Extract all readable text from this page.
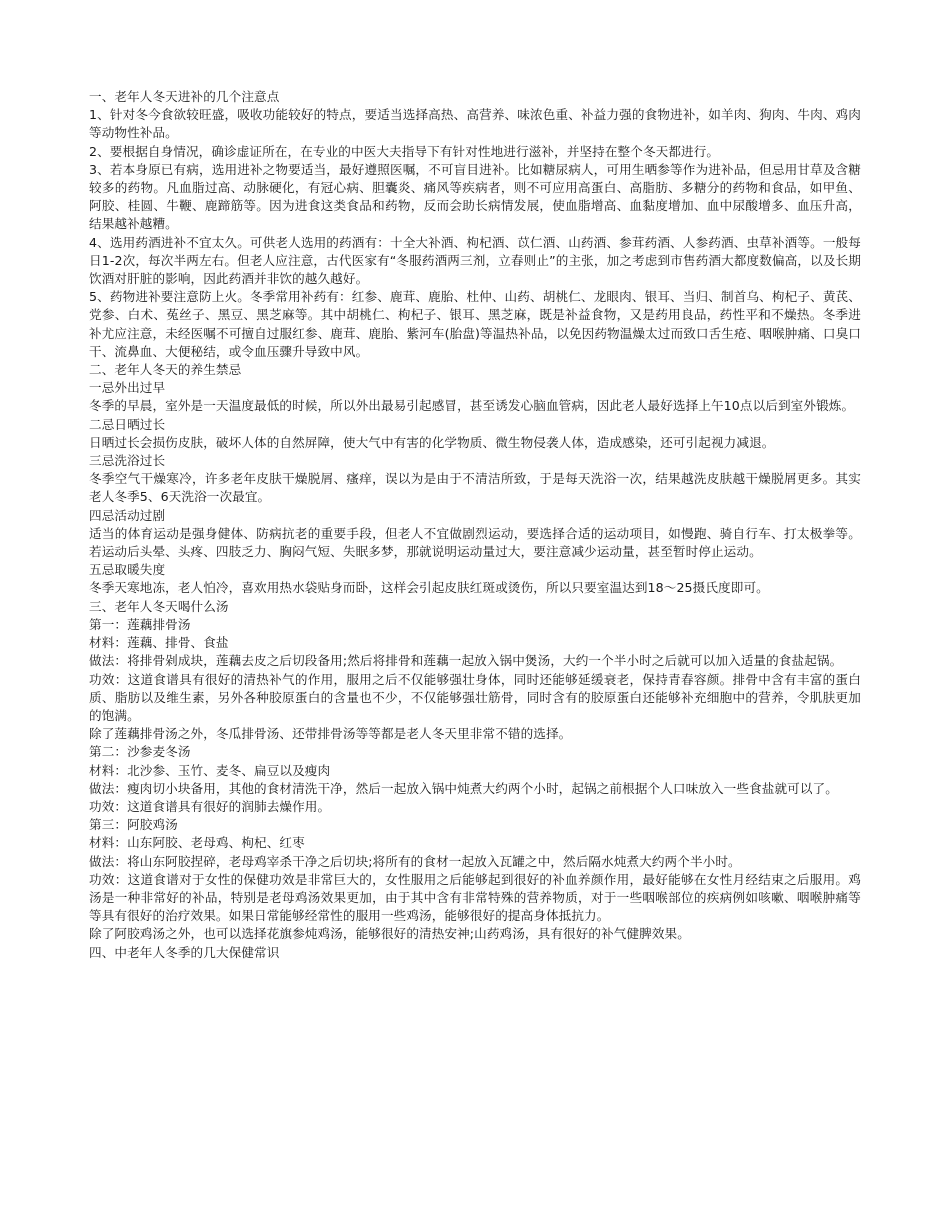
一、老年人冬天进补的几个注意点

1、针对冬今食欲较旺盛，吸收功能较好的特点，要适当选择高热、高营养、味浓色重、补益力强的食物进补，如羊肉、狗肉、牛肉、鸡肉等动物性补品。

2、要根据自身情况，确诊虚证所在，在专业的中医大夫指导下有针对性地进行滋补，并坚持在整个冬天都进行。

3、若本身原已有病，选用进补之物要适当，最好遵照医嘱，不可盲目进补。比如糖尿病人，可用生晒参等作为进补品，但忌用甘草及含糖较多的药物。凡血脂过高、动脉硬化，有冠心病、胆囊炎、痛风等疾病者，则不可应用高蛋白、高脂肪、多糖分的药物和食品，如甲鱼、阿胶、桂圆、牛鞭、鹿蹄筋等。因为进食这类食品和药物，反而会助长病情发展，使血脂增高、血黏度增加、血中尿酸增多、血压升高，结果越补越糟。

4、选用药酒进补不宜太久。可供老人选用的药酒有：十全大补酒、枸杞酒、苡仁酒、山药酒、参茸药酒、人参药酒、虫草补酒等。一般每日1-2次，每次半两左右。但老人应注意，古代医家有“冬服药酒两三剂，立春则止”的主张，加之考虑到市售药酒大都度数偏高，以及长期饮酒对肝脏的影响，因此药酒并非饮的越久越好。

5、药物进补要注意防上火。冬季常用补药有：红参、鹿茸、鹿胎、杜仲、山药、胡桃仁、龙眼肉、银耳、当归、制首乌、枸杞子、黄芪、党参、白术、菟丝子、黑豆、黑芝麻等。其中胡桃仁、枸杞子、银耳、黑芝麻，既是补益食物，又是药用良品，药性平和不燥热。冬季进补尤应注意，未经医嘱不可擅自过服红参、鹿茸、鹿胎、紫河车(胎盘)等温热补品，以免因药物温燥太过而致口舌生疮、咽喉肿痛、口臭口干、流鼻血、大便秘结，或令血压骤升导致中风。

二、老年人冬天的养生禁忌

一忌外出过早

冬季的早晨，室外是一天温度最低的时候，所以外出最易引起感冒，甚至诱发心脑血管病，因此老人最好选择上午10点以后到室外锻炼。

二忌日晒过长

日晒过长会损伤皮肤，破坏人体的自然屏障，使大气中有害的化学物质、微生物侵袭人体，造成感染，还可引起视力减退。

三忌洗浴过长

冬季空气干燥寒冷，许多老年皮肤干燥脱屑、瘙痒，误以为是由于不清洁所致，于是每天洗浴一次，结果越洗皮肤越干燥脱屑更多。其实老人冬季5、6天洗浴一次最宜。

四忌活动过剧

适当的体育运动是强身健体、防病抗老的重要手段，但老人不宜做剧烈运动，要选择合适的运动项目，如慢跑、骑自行车、打太极拳等。若运动后头晕、头疼、四肢乏力、胸闷气短、失眠多梦，那就说明运动量过大，要注意减少运动量，甚至暂时停止运动。

五忌取暖失度

冬季天寒地冻，老人怕冷，喜欢用热水袋贴身而卧，这样会引起皮肤红斑或烫伤，所以只要室温达到18～25摄氏度即可。

三、老年人冬天喝什么汤

第一：莲藕排骨汤

材料：莲藕、排骨、食盐

做法：将排骨剁成块，莲藕去皮之后切段备用;然后将排骨和莲藕一起放入锅中煲汤，大约一个半小时之后就可以加入适量的食盐起锅。

功效：这道食谱具有很好的清热补气的作用，服用之后不仅能够强壮身体，同时还能够延缓衰老，保持青春容颜。排骨中含有丰富的蛋白质、脂肪以及维生素，另外各种胶原蛋白的含量也不少，不仅能够强壮筋骨，同时含有的胶原蛋白还能够补充细胞中的营养，令肌肤更加的饱满。

除了莲藕排骨汤之外，冬瓜排骨汤、还带排骨汤等等都是老人冬天里非常不错的选择。

第二：沙参麦冬汤

材料：北沙参、玉竹、麦冬、扁豆以及瘦肉

做法：瘦肉切小块备用，其他的食材清洗干净，然后一起放入锅中炖煮大约两个小时，起锅之前根据个人口味放入一些食盐就可以了。

功效：这道食谱具有很好的润肺去燥作用。

第三：阿胶鸡汤

材料：山东阿胶、老母鸡、枸杞、红枣

做法：将山东阿胶捏碎，老母鸡宰杀干净之后切块;将所有的食材一起放入瓦罐之中，然后隔水炖煮大约两个半小时。

功效：这道食谱对于女性的保健功效是非常巨大的，女性服用之后能够起到很好的补血养颜作用，最好能够在女性月经结束之后服用。鸡汤是一种非常好的补品，特别是老母鸡汤效果更加，由于其中含有非常特殊的营养物质，对于一些咽喉部位的疾病例如咳嗽、咽喉肿痛等等具有很好的治疗效果。如果日常能够经常性的服用一些鸡汤，能够很好的提高身体抵抗力。

除了阿胶鸡汤之外，也可以选择花旗参炖鸡汤，能够很好的清热安神;山药鸡汤，具有很好的补气健脾效果。

四、中老年人冬季的几大保健常识
